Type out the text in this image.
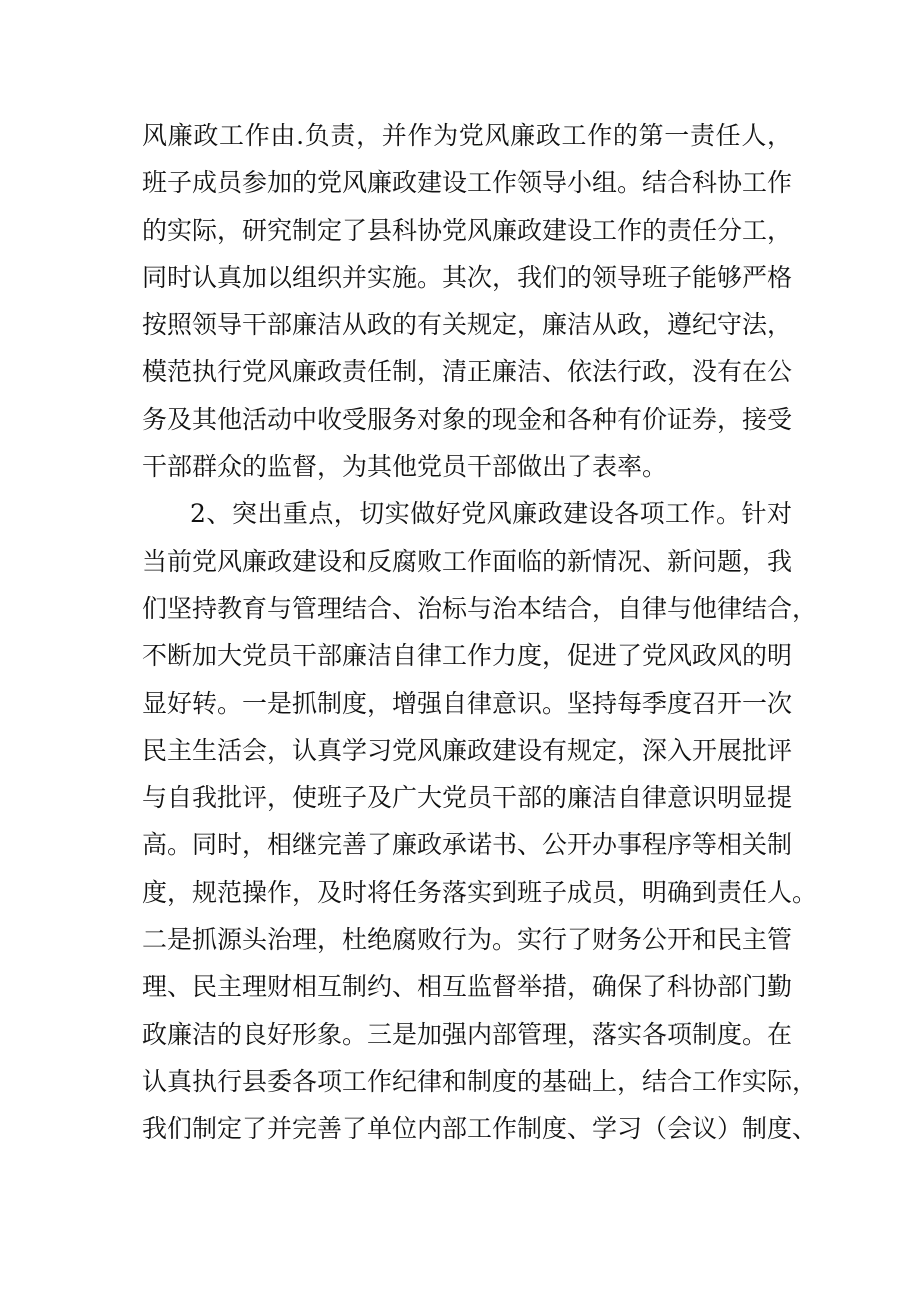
风廉政工作由.负责，并作为党风廉政工作的第一责任人，
班子成员参加的党风廉政建设工作领导小组。结合科协工作
的实际，研究制定了县科协党风廉政建设工作的责任分工，
同时认真加以组织并实施。其次，我们的领导班子能够严格
按照领导干部廉洁从政的有关规定，廉洁从政，遵纪守法，
模范执行党风廉政责任制，清正廉洁、依法行政，没有在公
务及其他活动中收受服务对象的现金和各种有价证券，接受
干部群众的监督，为其他党员干部做出了表率。
2、突出重点，切实做好党风廉政建设各项工作。针对
当前党风廉政建设和反腐败工作面临的新情况、新问题，我
们坚持教育与管理结合、治标与治本结合，自律与他律结合，
不断加大党员干部廉洁自律工作力度，促进了党风政风的明
显好转。一是抓制度，增强自律意识。坚持每季度召开一次
民主生活会，认真学习党风廉政建设有规定，深入开展批评
与自我批评，使班子及广大党员干部的廉洁自律意识明显提
高。同时，相继完善了廉政承诺书、公开办事程序等相关制
度，规范操作，及时将任务落实到班子成员，明确到责任人。
二是抓源头治理，杜绝腐败行为。实行了财务公开和民主管
理、民主理财相互制约、相互监督举措，确保了科协部门勤
政廉洁的良好形象。三是加强内部管理，落实各项制度。在
认真执行县委各项工作纪律和制度的基础上，结合工作实际，
我们制定了并完善了单位内部工作制度、学习（会议）制度、
